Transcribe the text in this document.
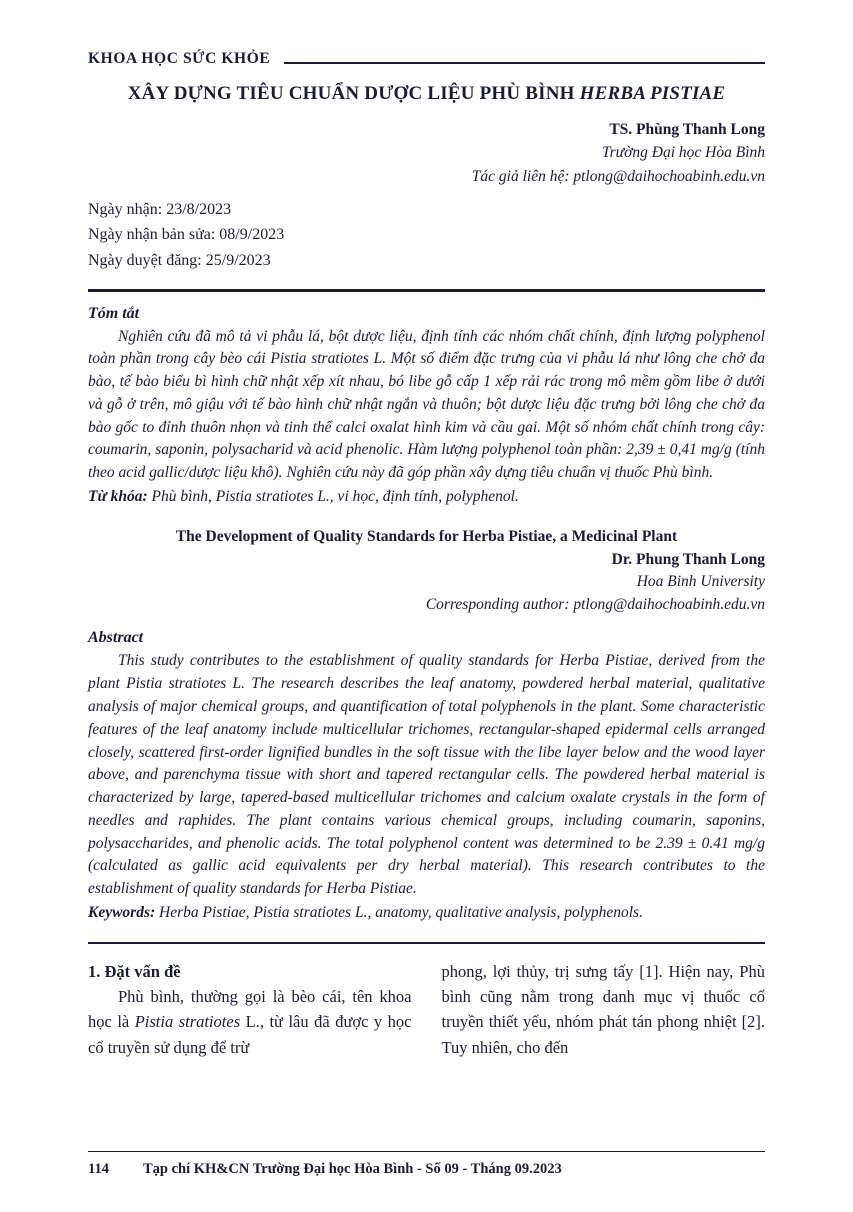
KHOA HỌC SỨC KHỎE
XÂY DỰNG TIÊU CHUẨN DƯỢC LIỆU PHÙ BÌNH HERBA PISTIAE
TS. Phùng Thanh Long
Trường Đại học Hòa Bình
Tác giả liên hệ: ptlong@daihochoabinh.edu.vn
Ngày nhận: 23/8/2023
Ngày nhận bản sửa: 08/9/2023
Ngày duyệt đăng: 25/9/2023
Tóm tắt

Nghiên cứu đã mô tả vi phẫu lá, bột dược liệu, định tính các nhóm chất chính, định lượng polyphenol toàn phần trong cây bèo cái Pistia stratiotes L. Một số điểm đặc trưng của vi phẫu lá như lông che chở đa bào, tế bào biểu bì hình chữ nhật xếp xít nhau, bó libe gỗ cấp 1 xếp rải rác trong mô mềm gồm libe ở dưới và gỗ ở trên, mô giậu với tế bào hình chữ nhật ngắn và thuôn; bột dược liệu đặc trưng bởi lông che chở đa bào gốc to đỉnh thuôn nhọn và tinh thể calci oxalat hình kim và cầu gai. Một số nhóm chất chính trong cây: coumarin, saponin, polysacharid và acid phenolic. Hàm lượng polyphenol toàn phần: 2,39 ± 0,41 mg/g (tính theo acid gallic/dược liệu khô). Nghiên cứu này đã góp phần xây dựng tiêu chuẩn vị thuốc Phù bình.

Từ khóa: Phù bình, Pistia stratiotes L., vi học, định tính, polyphenol.

The Development of Quality Standards for Herba Pistiae, a Medicinal Plant
Dr. Phung Thanh Long
Hoa Binh University
Corresponding author: ptlong@daihochoabinh.edu.vn
Abstract

This study contributes to the establishment of quality standards for Herba Pistiae, derived from the plant Pistia stratiotes L. The research describes the leaf anatomy, powdered herbal material, qualitative analysis of major chemical groups, and quantification of total polyphenols in the plant. Some characteristic features of the leaf anatomy include multicellular trichomes, rectangular-shaped epidermal cells arranged closely, scattered first-order lignified bundles in the soft tissue with the libe layer below and the wood layer above, and parenchyma tissue with short and tapered rectangular cells. The powdered herbal material is characterized by large, tapered-based multicellular trichomes and calcium oxalate crystals in the form of needles and raphides. The plant contains various chemical groups, including coumarin, saponins, polysaccharides, and phenolic acids. The total polyphenol content was determined to be 2.39 ± 0.41 mg/g (calculated as gallic acid equivalents per dry herbal material). This research contributes to the establishment of quality standards for Herba Pistiae.

Keywords: Herba Pistiae, Pistia stratiotes L., anatomy, qualitative analysis, polyphenols.

1. Đặt vấn đề

Phù bình, thường gọi là bèo cái, tên khoa học là Pistia stratiotes L., từ lâu đã được y học cổ truyền sử dụng để trừ

phong, lợi thủy, trị sưng tấy [1]. Hiện nay, Phù bình cũng nằm trong danh mục vị thuốc cổ truyền thiết yếu, nhóm phát tán phong nhiệt [2]. Tuy nhiên, cho đến

114 Tạp chí KH&CN Trường Đại học Hòa Bình - Số 09 - Tháng 09.2023
